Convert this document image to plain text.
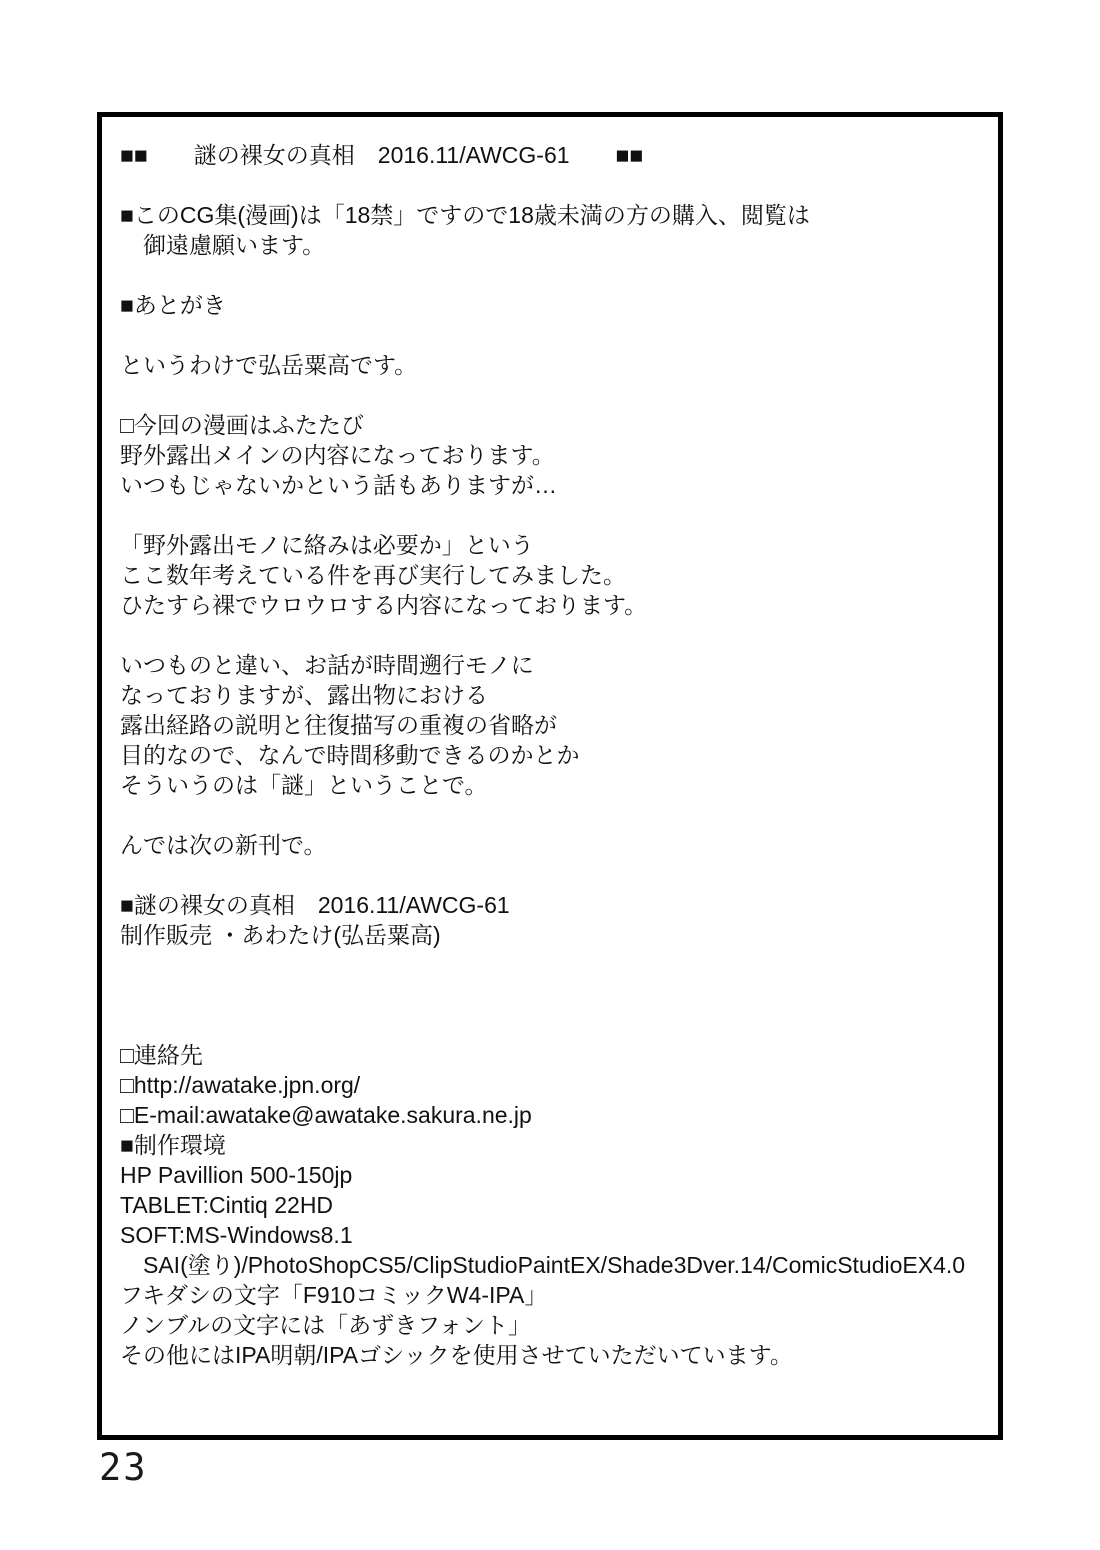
■■　　謎の裸女の真相　2016.11/AWCG-61　　■■
■このCG集(漫画)は「18禁」ですので18歳未満の方の購入、閲覧は
　御遠慮願います。
■あとがき
というわけで弘岳粟高です。
□今回の漫画はふたたび
野外露出メインの内容になっております。
いつもじゃないかという話もありますが…
「野外露出モノに絡みは必要か」という
ここ数年考えている件を再び実行してみました。
ひたすら裸でウロウロする内容になっております。
いつものと違い、お話が時間遡行モノに
なっておりますが、露出物における
露出経路の説明と往復描写の重複の省略が
目的なので、なんで時間移動できるのかとか
そういうのは「謎」ということで。
んでは次の新刊で。
■謎の裸女の真相　2016.11/AWCG-61
制作販売 ・あわたけ(弘岳粟高)
□連絡先
□http://awatake.jpn.org/
□E-mail:awatake@awatake.sakura.ne.jp
■制作環境
HP Pavillion 500-150jp
TABLET:Cintiq 22HD
SOFT:MS-Windows8.1
　SAI(塗り)/PhotoShopCS5/ClipStudioPaintEX/Shade3Dver.14/ComicStudioEX4.0
フキダシの文字「F910コミックW4-IPA」
ノンブルの文字には「あずきフォント」
その他にはIPA明朝/IPAゴシックを使用させていただいています。
23
